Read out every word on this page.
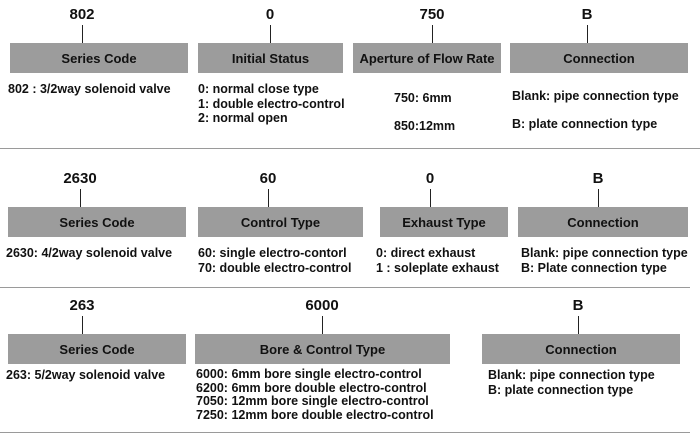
802
Series Code
802 : 3/2way solenoid valve
0
Initial Status
0: normal close type
1: double electro-control
2: normal open
750
Aperture of Flow Rate
750: 6mm
850:12mm
B
Connection
Blank: pipe connection type
B: plate connection type
2630
Series Code
2630: 4/2way solenoid valve
60
Control Type
60: single electro-contorl
70: double electro-control
0
Exhaust Type
0: direct exhaust
1 : soleplate exhaust
B
Connection
Blank: pipe connection type
B: Plate connection type
263
Series Code
263: 5/2way solenoid valve
6000
Bore & Control Type
6000: 6mm bore single electro-control
6200: 6mm bore double electro-control
7050: 12mm bore single electro-control
7250: 12mm bore double electro-control
B
Connection
Blank: pipe connection type
B: plate connection type
